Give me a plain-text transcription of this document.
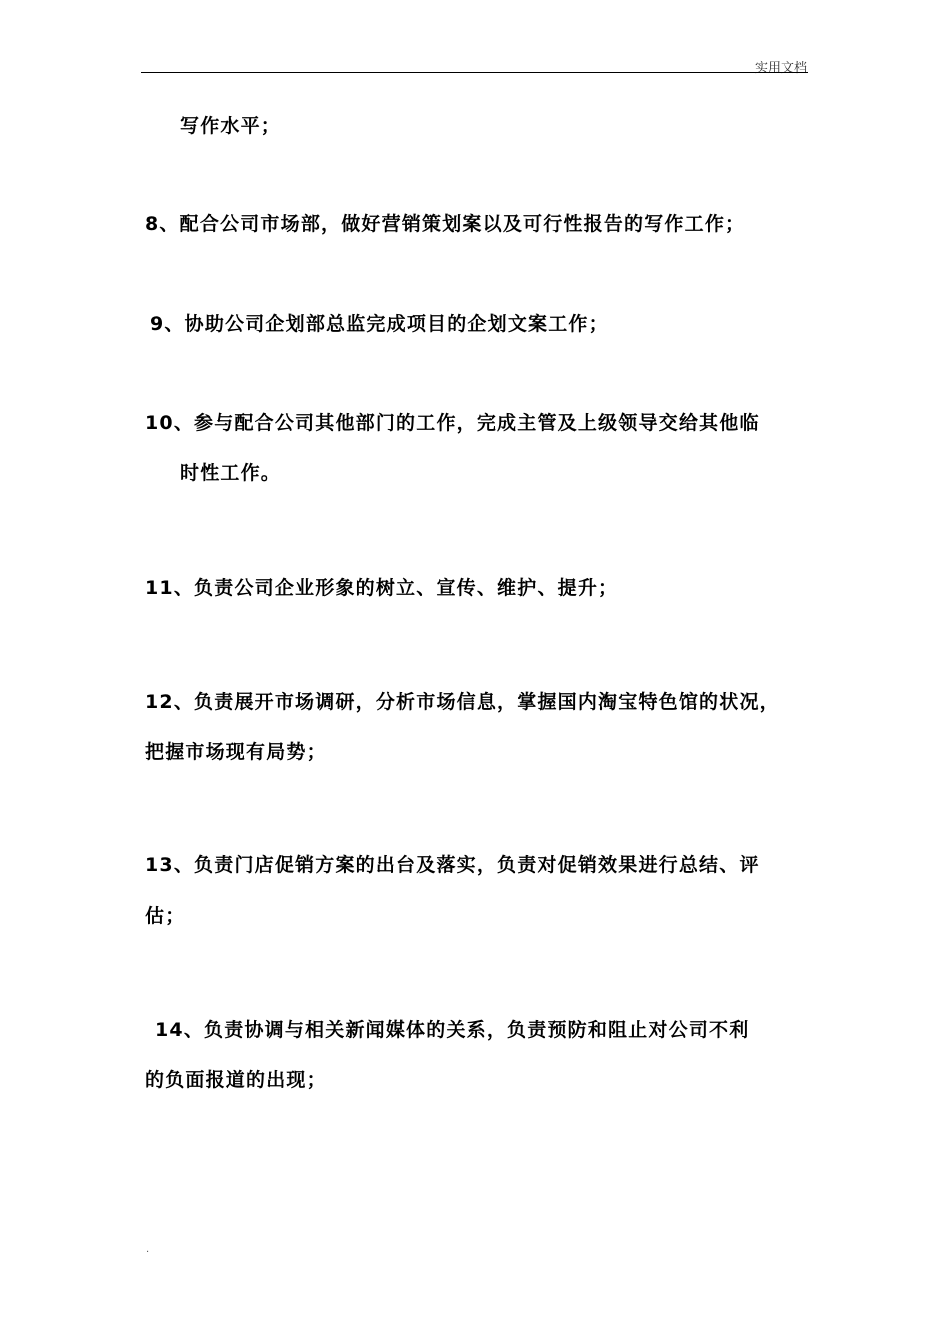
实用文档
写作水平；
8、配合公司市场部，做好营销策划案以及可行性报告的写作工作；
9、协助公司企划部总监完成项目的企划文案工作；
10、参与配合公司其他部门的工作，完成主管及上级领导交给其他临
时性工作。
11、负责公司企业形象的树立、宣传、维护、提升；
12、负责展开市场调研，分析市场信息，掌握国内淘宝特色馆的状况，
把握市场现有局势；
13、负责门店促销方案的出台及落实，负责对促销效果进行总结、评
估；
14、负责协调与相关新闻媒体的关系，负责预防和阻止对公司不利
的负面报道的出现；
.
